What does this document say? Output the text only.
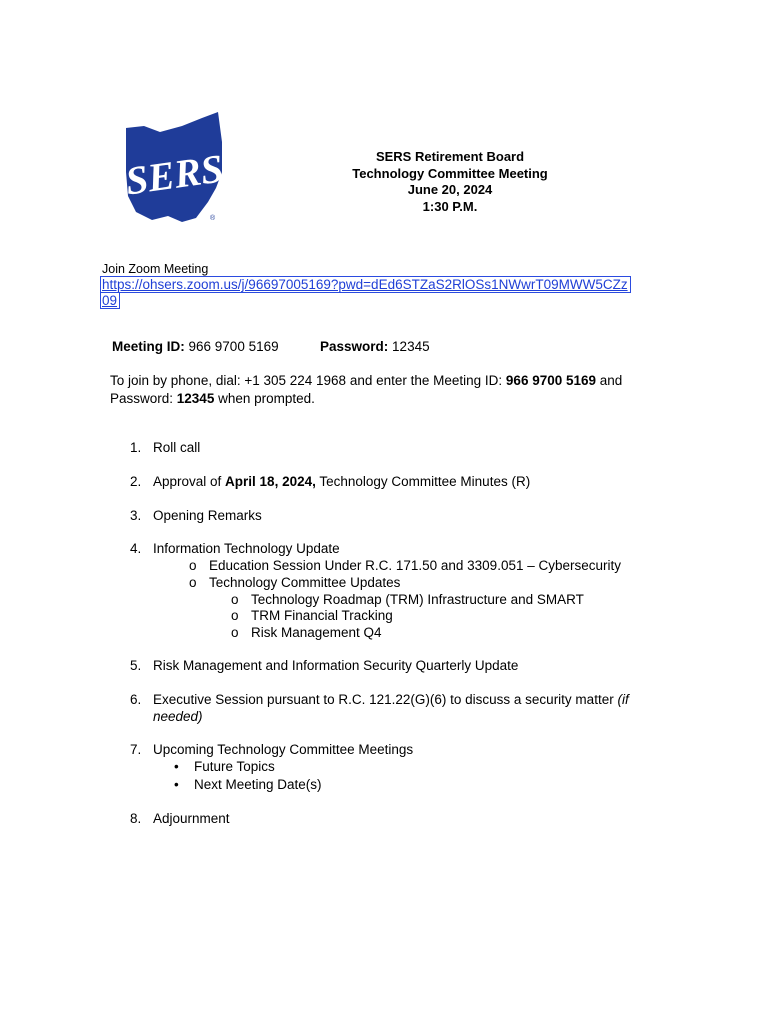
SERS
®
SERS Retirement Board
Technology Committee Meeting
June 20, 2024
1:30 P.M.
Join Zoom Meeting
https://ohsers.zoom.us/j/96697005169?pwd=dEd6STZaS2RlOSs1NWwrT09MWW5CZz
09
Meeting ID: 966 9700 5169	Password: 12345
To join by phone, dial: +1 305 224 1968 and enter the Meeting ID: 966 9700 5169 and
Password: 12345 when prompted.
1. Roll call
2. Approval of April 18, 2024, Technology Committee Minutes (R)
3. Opening Remarks
4. Information Technology Update
o Education Session Under R.C. 171.50 and 3309.051 – Cybersecurity
o Technology Committee Updates
o Technology Roadmap (TRM) Infrastructure and SMART
o TRM Financial Tracking
o Risk Management Q4
5. Risk Management and Information Security Quarterly Update
6. Executive Session pursuant to R.C. 121.22(G)(6) to discuss a security matter (if
needed)
7. Upcoming Technology Committee Meetings
• Future Topics
• Next Meeting Date(s)
8. Adjournment
